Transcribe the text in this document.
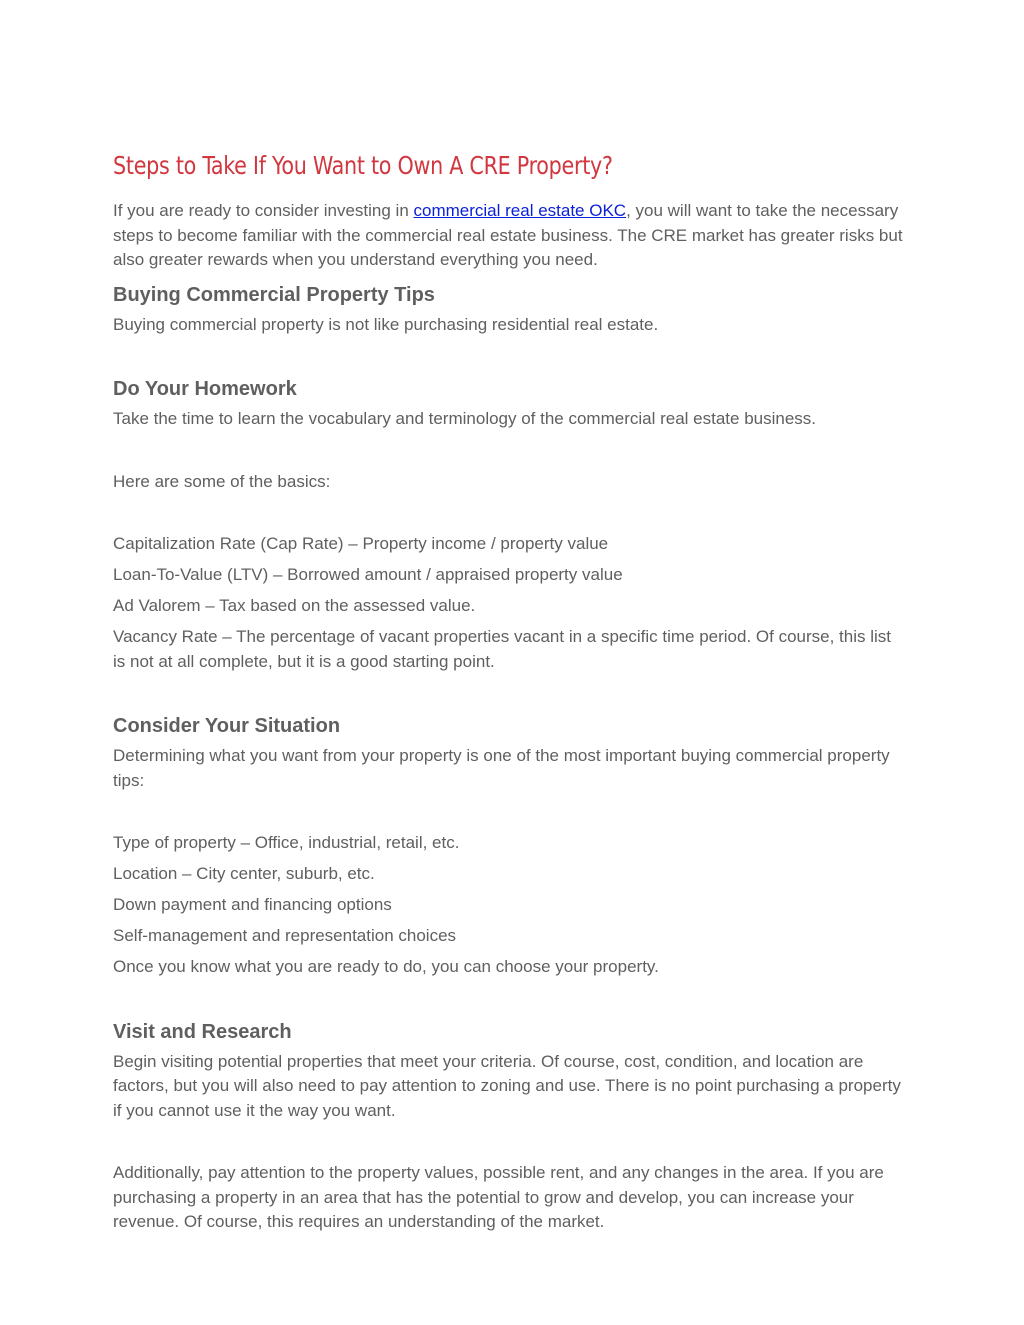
Steps to Take If You Want to Own A CRE Property?

If you are ready to consider investing in commercial real estate OKC, you will want to take the necessary steps to become familiar with the commercial real estate business. The CRE market has greater risks but also greater rewards when you understand everything you need.

Buying Commercial Property Tips

Buying commercial property is not like purchasing residential real estate.

Do Your Homework

Take the time to learn the vocabulary and terminology of the commercial real estate business.

Here are some of the basics:

Capitalization Rate (Cap Rate) – Property income / property value

Loan-To-Value (LTV) – Borrowed amount / appraised property value

Ad Valorem – Tax based on the assessed value.

Vacancy Rate – The percentage of vacant properties vacant in a specific time period. Of course, this list is not at all complete, but it is a good starting point.

Consider Your Situation

Determining what you want from your property is one of the most important buying commercial property tips:

Type of property – Office, industrial, retail, etc.

Location – City center, suburb, etc.

Down payment and financing options

Self-management and representation choices

Once you know what you are ready to do, you can choose your property.

Visit and Research

Begin visiting potential properties that meet your criteria. Of course, cost, condition, and location are factors, but you will also need to pay attention to zoning and use. There is no point purchasing a property if you cannot use it the way you want.

Additionally, pay attention to the property values, possible rent, and any changes in the area. If you are purchasing a property in an area that has the potential to grow and develop, you can increase your revenue. Of course, this requires an understanding of the market.
